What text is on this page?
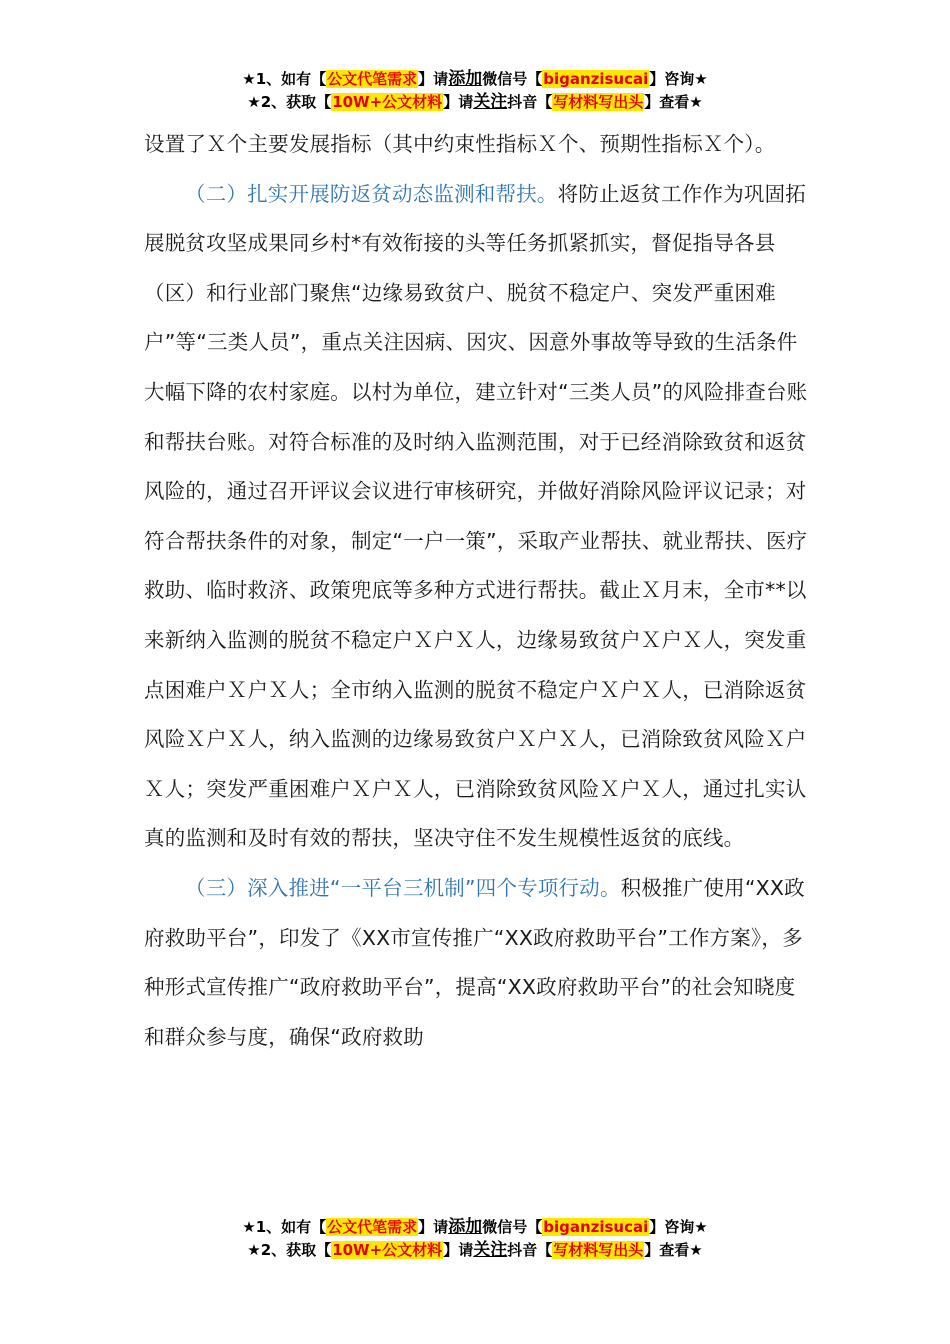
★1、如有【公文代笔需求】请添加微信号【biganzisucai】咨询★
★2、获取【10W+公文材料】请关注抖音【写材料写出头】查看★

设置了Ｘ个主要发展指标（其中约束性指标Ｘ个、预期性指标Ｘ个）。

（二）扎实开展防返贫动态监测和帮扶。将防止返贫工作作为巩固拓展脱贫攻坚成果同乡村*有效衔接的头等任务抓紧抓实，督促指导各县（区）和行业部门聚焦“边缘易致贫户、脱贫不稳定户、突发严重困难户”等“三类人员”，重点关注因病、因灾、因意外事故等导致的生活条件大幅下降的农村家庭。以村为单位，建立针对“三类人员”的风险排查台账和帮扶台账。对符合标准的及时纳入监测范围，对于已经消除致贫和返贫风险的，通过召开评议会议进行审核研究，并做好消除风险评议记录；对符合帮扶条件的对象，制定“一户一策”，采取产业帮扶、就业帮扶、医疗救助、临时救济、政策兜底等多种方式进行帮扶。截止Ｘ月末，全市**以来新纳入监测的脱贫不稳定户Ｘ户Ｘ人，边缘易致贫户Ｘ户Ｘ人，突发重点困难户Ｘ户Ｘ人；全市纳入监测的脱贫不稳定户Ｘ户Ｘ人，已消除返贫风险Ｘ户Ｘ人，纳入监测的边缘易致贫户Ｘ户Ｘ人，已消除致贫风险Ｘ户Ｘ人；突发严重困难户Ｘ户Ｘ人，已消除致贫风险Ｘ户Ｘ人，通过扎实认真的监测和及时有效的帮扶，坚决守住不发生规模性返贫的底线。

（三）深入推进“一平台三机制”四个专项行动。积极推广使用“XX政府救助平台”，印发了《XX市宣传推广“XX政府救助平台”工作方案》，多种形式宣传推广“政府救助平台”，提高“XX政府救助平台”的社会知晓度和群众参与度，确保“政府救助

★1、如有【公文代笔需求】请添加微信号【biganzisucai】咨询★
★2、获取【10W+公文材料】请关注抖音【写材料写出头】查看★
